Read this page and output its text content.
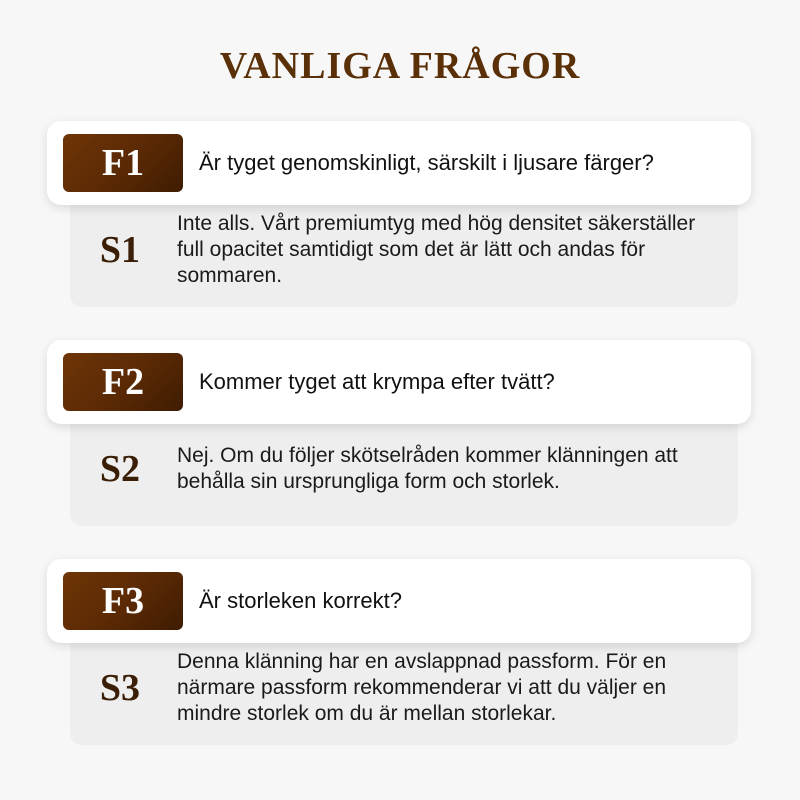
VANLIGA FRÅGOR
S1
Inte alls. Vårt premiumtyg med hög densitet säkerställer full opacitet samtidigt som det är lätt och andas för sommaren.
F1	Är tyget genomskinligt, särskilt i ljusare färger?
S2	Nej. Om du följer skötselråden kommer klänningen att behålla sin ursprungliga form och storlek.
F2	Kommer tyget att krympa efter tvätt?
S3
Denna klänning har en avslappnad passform. För en närmare passform rekommenderar vi att du väljer en mindre storlek om du är mellan storlekar.
F3	Är storleken korrekt?
